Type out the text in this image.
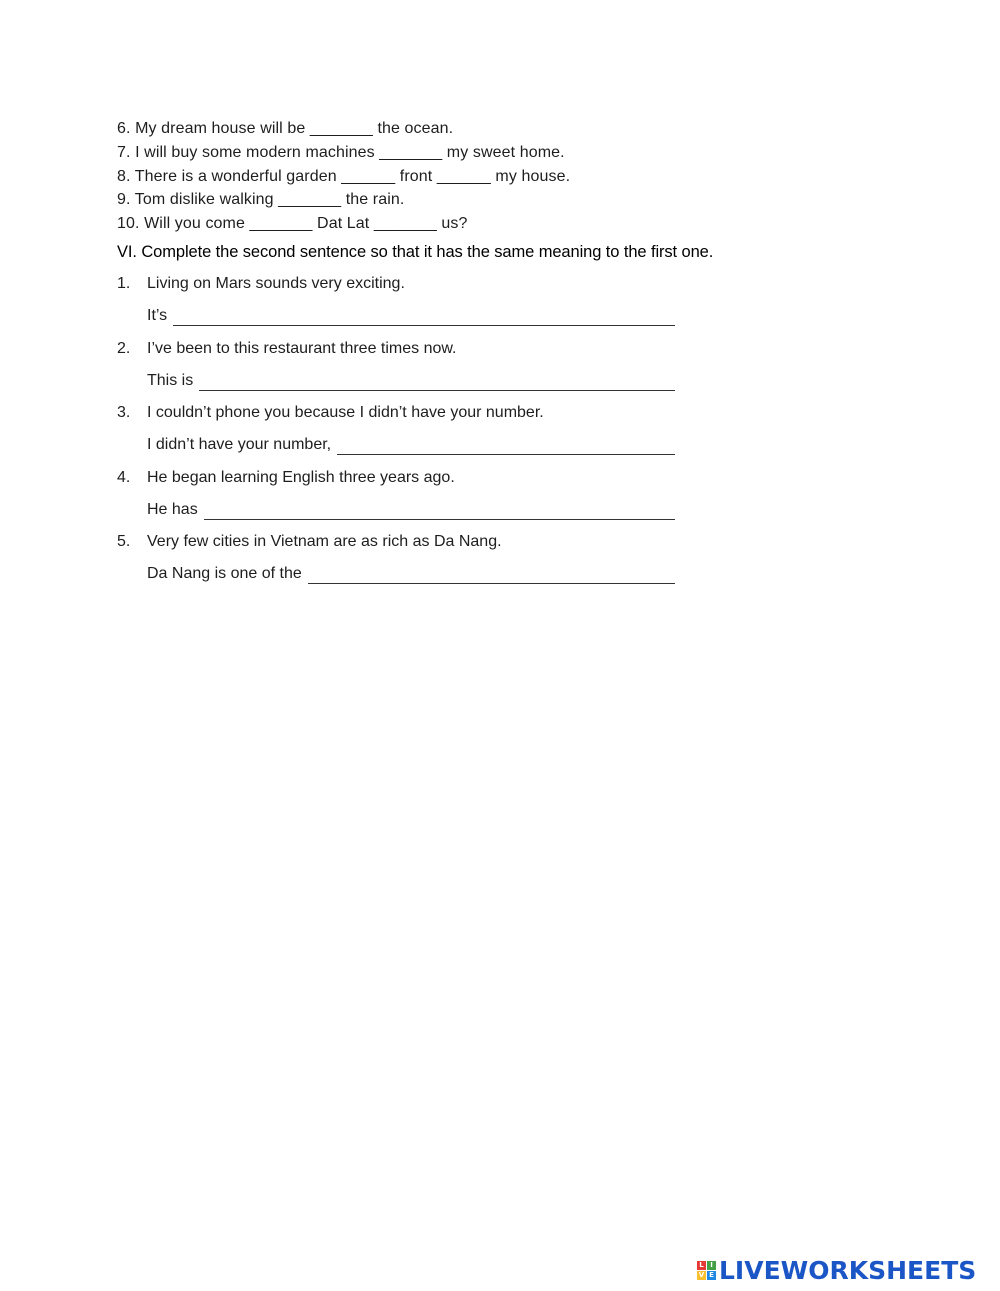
6. My dream house will be _______ the ocean.
7. I will buy some modern machines _______ my sweet home.
8. There is a wonderful garden ______ front ______ my house.
9. Tom dislike walking _______ the rain.
10. Will you come _______ Dat Lat _______ us?
VI. Complete the second sentence so that it has the same meaning to the first one.
1. Living on Mars sounds very exciting.
It’s
2. I’ve been to this restaurant three times now.
This is
3. I couldn’t phone you because I didn’t have your number.
I didn’t have your number,
4. He began learning English three years ago.
He has
5. Very few cities in Vietnam are as rich as Da Nang.
Da Nang is one of the
L I
V E LIVEWORKSHEETS
